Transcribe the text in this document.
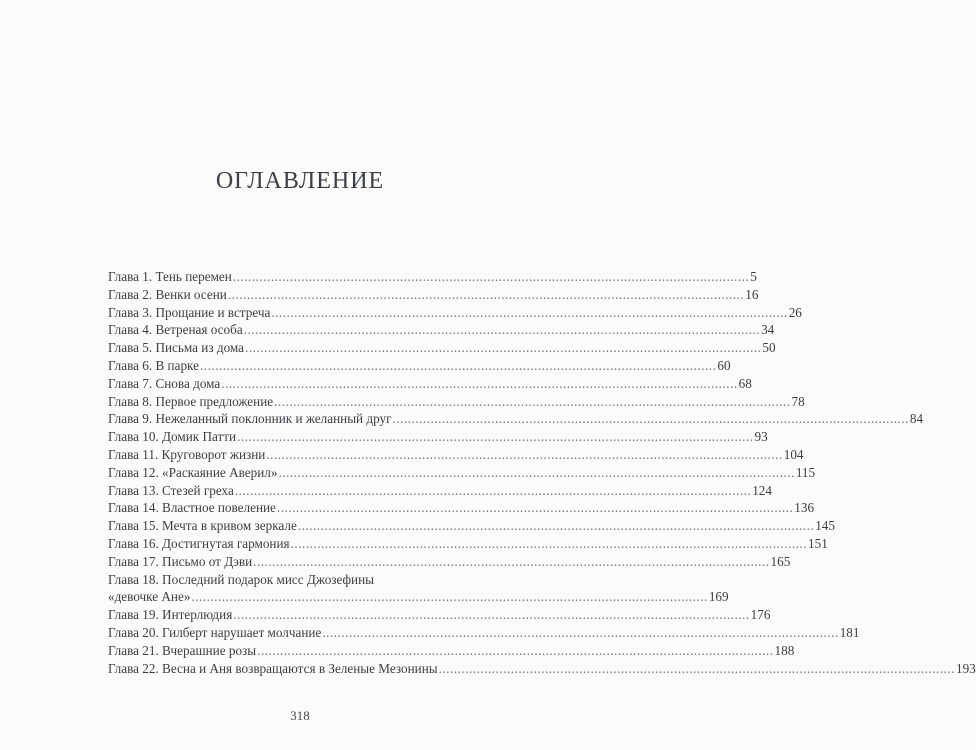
ОГЛАВЛЕНИЕ
Глава 1. Тень перемен ........................................................................................................................................ 5
Глава 2. Венки осени ........................................................................................................................................ 16
Глава 3. Прощание и встреча ........................................................................................................................................ 26
Глава 4. Ветреная особа ........................................................................................................................................ 34
Глава 5. Письма из дома ........................................................................................................................................ 50
Глава 6. В парке ........................................................................................................................................ 60
Глава 7. Снова дома ........................................................................................................................................ 68
Глава 8. Первое предложение ........................................................................................................................................ 78
Глава 9. Нежеланный поклонник и желанный друг ........................................................................................................................................ 84
Глава 10. Домик Патти ........................................................................................................................................ 93
Глава 11. Круговорот жизни ........................................................................................................................................ 104
Глава 12. «Раскаяние Аверил» ........................................................................................................................................ 115
Глава 13. Стезей греха ........................................................................................................................................ 124
Глава 14. Властное повеление ........................................................................................................................................ 136
Глава 15. Мечта в кривом зеркале ........................................................................................................................................ 145
Глава 16. Достигнутая гармония ........................................................................................................................................ 151
Глава 17. Письмо от Дэви ........................................................................................................................................ 165
Глава 18. Последний подарок мисс Джозефины
«девочке Ане» ........................................................................................................................................ 169
Глава 19. Интерлюдия ........................................................................................................................................ 176
Глава 20. Гилберт нарушает молчание ........................................................................................................................................ 181
Глава 21. Вчерашние розы ........................................................................................................................................ 188
Глава 22. Весна и Аня возвращаются в Зеленые Мезонины ........................................................................................................................................ 193
318
